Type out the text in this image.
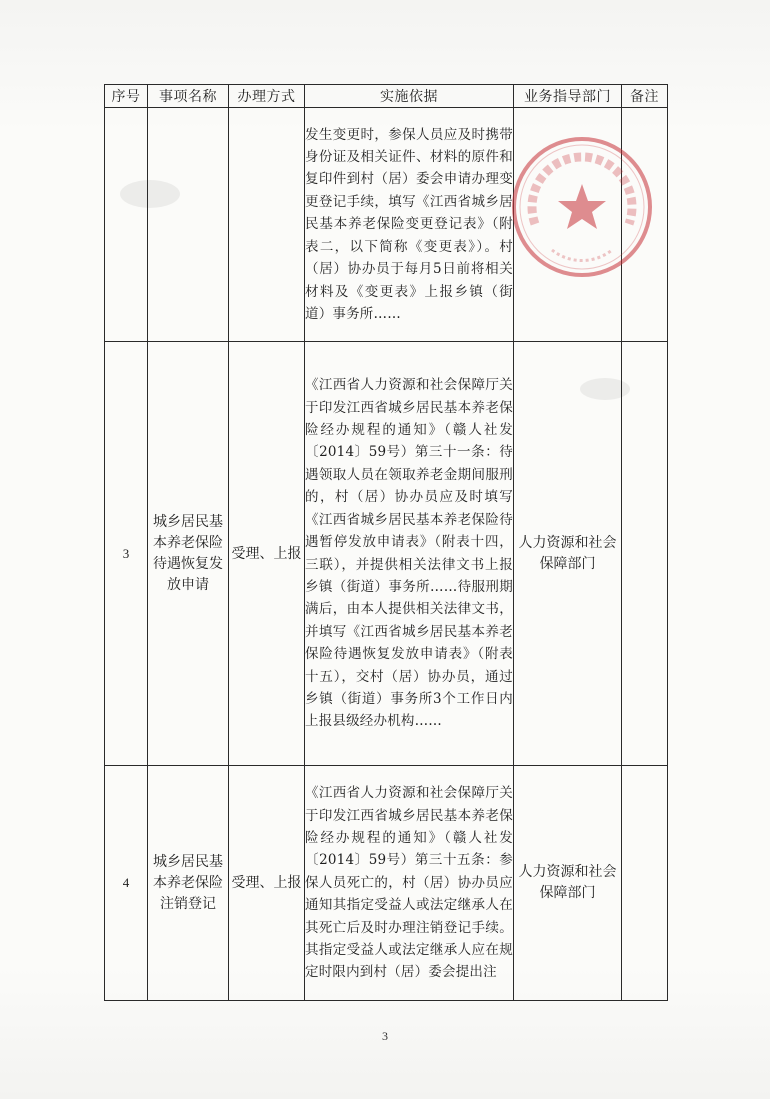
序号	事项名称	办理方式	实施依据	业务指导部门	备注
			发生变更时，参保人员应及时携带身份证及相关证件、材料的原件和复印件到村（居）委会申请办理变更登记手续，填写《江西省城乡居民基本养老保险变更登记表》（附表二，以下简称《变更表》）。村（居）协办员于每月5日前将相关材料及《变更表》上报乡镇（街道）事务所……		
3	城乡居民基本养老保险待遇恢复发放申请	受理、上报	《江西省人力资源和社会保障厅关于印发江西省城乡居民基本养老保险经办规程的通知》（赣人社发〔2014〕59号）第三十一条：待遇领取人员在领取养老金期间服刑的，村（居）协办员应及时填写《江西省城乡居民基本养老保险待遇暂停发放申请表》（附表十四，三联），并提供相关法律文书上报乡镇（街道）事务所……待服刑期满后，由本人提供相关法律文书，并填写《江西省城乡居民基本养老保险待遇恢复发放申请表》（附表十五），交村（居）协办员，通过乡镇（街道）事务所3个工作日内上报县级经办机构……	人力资源和社会保障部门	
4	城乡居民基本养老保险注销登记	受理、上报	《江西省人力资源和社会保障厅关于印发江西省城乡居民基本养老保险经办规程的通知》（赣人社发〔2014〕59号）第三十五条：参保人员死亡的，村（居）协办员应通知其指定受益人或法定继承人在其死亡后及时办理注销登记手续。其指定受益人或法定继承人应在规定时限内到村（居）委会提出注	人力资源和社会保障部门	
3
